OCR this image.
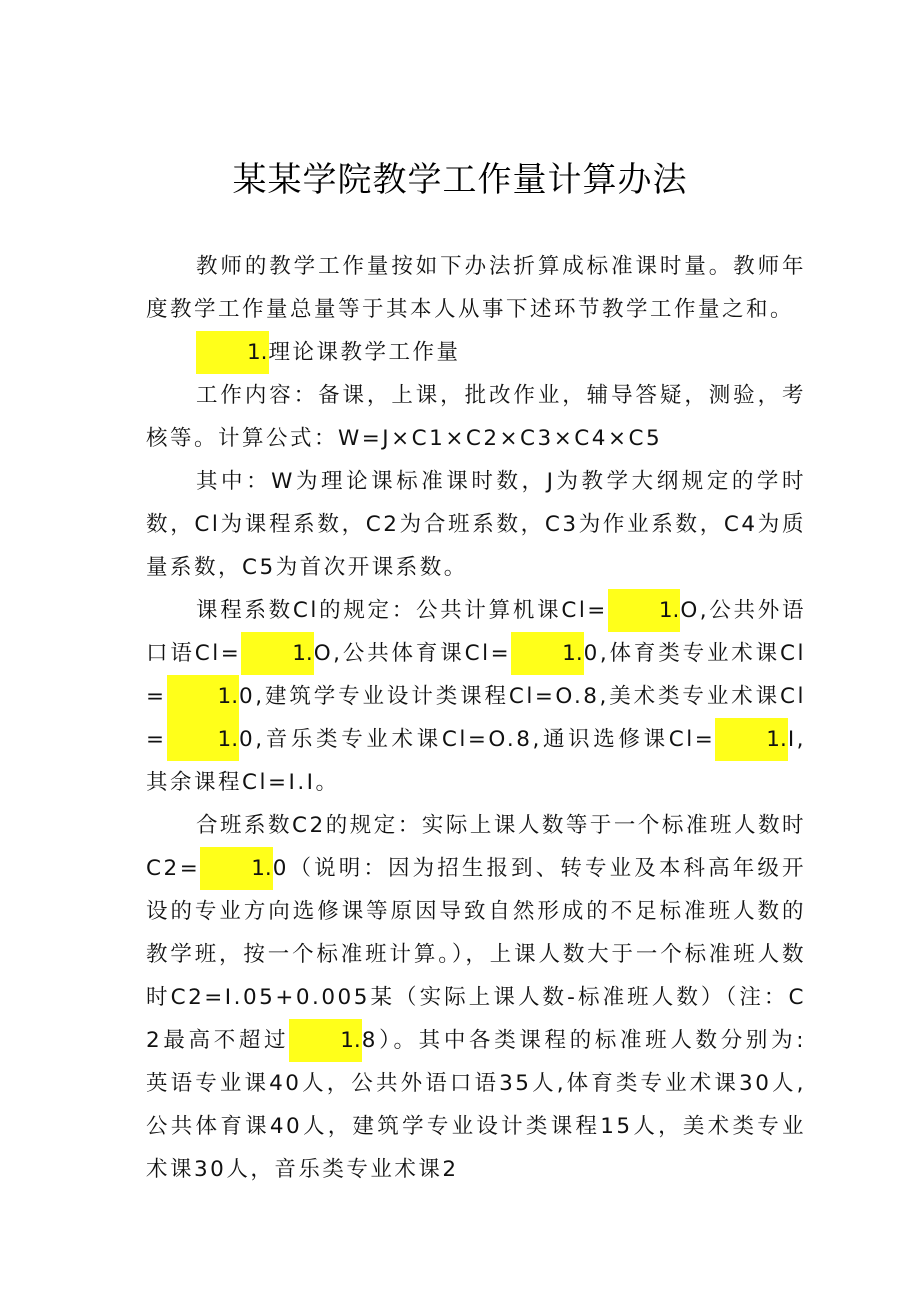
某某学院教学工作量计算办法

教师的教学工作量按如下办法折算成标准课时量。教师年度教学工作量总量等于其本人从事下述环节教学工作量之和。

1.理论课教学工作量

工作内容：备课，上课，批改作业，辅导答疑，测验，考核等。计算公式：W=J×C1×C2×C3×C4×C5

其中：W为理论课标准课时数，J为教学大纲规定的学时数，Cl为课程系数，C2为合班系数，C3为作业系数，C4为质量系数，C5为首次开课系数。

课程系数Cl的规定：公共计算机课Cl= 1.O,公共外语口语Cl= 1.O,公共体育课Cl= 1.0,体育类专业术课Cl= 1.0,建筑学专业设计类课程Cl=O.8,美术类专业术课Cl= 1.0,音乐类专业术课Cl=O.8,通识选修课Cl= 1.I, 其余课程Cl=I.I。

合班系数C2的规定：实际上课人数等于一个标准班人数时C2= 1.0（说明：因为招生报到、转专业及本科高年级开设的专业方向选修课等原因导致自然形成的不足标准班人数的教学班，按一个标准班计算。），上课人数大于一个标准班人数时C2=I.05+0.005某（实际上课人数-标准班人数）（注：C2最高不超过 1.8）。其中各类课程的标准班人数分别为: 英语专业课40人，公共外语口语35人,体育类专业术课30人,公共体育课40人，建筑学专业设计类课程15人，美术类专业术课30人，音乐类专业术课2
